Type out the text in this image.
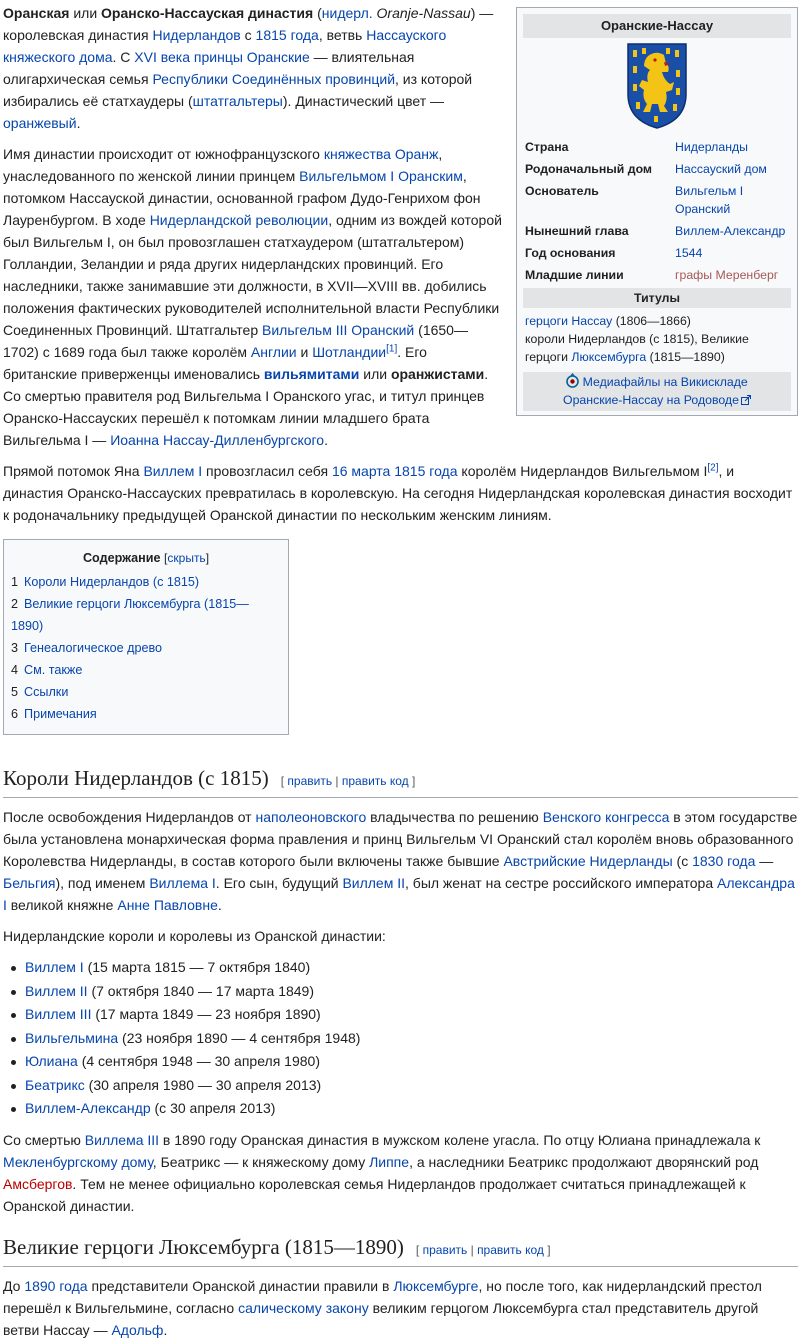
Оранские-Нассау
Страна	Нидерланды
Родоначальный дом	Нассауский дом
Основатель	Вильгельм I Оранский
Нынешний глава	Виллем-Александр
Год основания	1544
Младшие линии	графы Меренберг
Титулы
герцоги Нассау (1806—1866)
короли Нидерландов (с 1815), Великие герцоги Люксембурга (1815—1890)
Медиафайлы на Викискладе
Оранские-Нассау на Родоводе

Оранская или Оранско-Нассауская династия (нидерл. Oranje-Nassau) — королевская династия Нидерландов с 1815 года, ветвь Нассауского княжеского дома. С XVI века принцы Оранские — влиятельная олигархическая семья Республики Соединённых провинций, из которой избирались её статхаудеры (штатгальтеры). Династический цвет — оранжевый.

Имя династии происходит от южнофранцузского княжества Оранж, унаследованного по женской линии принцем Вильгельмом I Оранским, потомком Нассауской династии, основанной графом Дудо-Генрихом фон Лауренбургом. В ходе Нидерландской революции, одним из вождей которой был Вильгельм I, он был провозглашен статхаудером (штатгальтером) Голландии, Зеландии и ряда других нидерландских провинций. Его наследники, также занимавшие эти должности, в XVII—XVIII вв. добились положения фактических руководителей исполнительной власти Республики Соединенных Провинций. Штатгальтер Вильгельм III Оранский (1650—1702) с 1689 года был также королём Англии и Шотландии[1]. Его британские приверженцы именовались вильямитами или оранжистами. Со смертью правителя род Вильгельма I Оранского угас, и титул принцев Оранско-Нассауских перешёл к потомкам линии младшего брата Вильгельма I — Иоанна Нассау-Дилленбургского.

Прямой потомок Яна Виллем I провозгласил себя 16 марта 1815 года королём Нидерландов Вильгельмом I[2], и династия Оранско-Нассауских превратилась в королевскую. На сегодня Нидерландская королевская династия восходит к родоначальнику предыдущей Оранской династии по нескольким женским линиям.

Содержание [скрыть]
1 Короли Нидерландов (с 1815)
2 Великие герцоги Люксембурга (1815—1890)
3 Генеалогическое древо
4 См. также
5 Ссылки
6 Примечания
Короли Нидерландов (с 1815) [ править | править код ]

После освобождения Нидерландов от наполеоновского владычества по решению Венского конгресса в этом государстве была установлена монархическая форма правления и принц Вильгельм VI Оранский стал королём вновь образованного Королевства Нидерланды, в состав которого были включены также бывшие Австрийские Нидерланды (с 1830 года — Бельгия), под именем Виллема I. Его сын, будущий Виллем II, был женат на сестре российского императора Александра I великой княжне Анне Павловне.

Нидерландские короли и королевы из Оранской династии:

Виллем I (15 марта 1815 — 7 октября 1840)
Виллем II (7 октября 1840 — 17 марта 1849)
Виллем III (17 марта 1849 — 23 ноября 1890)
Вильгельмина (23 ноября 1890 — 4 сентября 1948)
Юлиана (4 сентября 1948 — 30 апреля 1980)
Беатрикс (30 апреля 1980 — 30 апреля 2013)
Виллем-Александр (с 30 апреля 2013)

Со смертью Виллема III в 1890 году Оранская династия в мужском колене угасла. По отцу Юлиана принадлежала к Мекленбургскому дому, Беатрикс — к княжескому дому Липпе, а наследники Беатрикс продолжают дворянский род Амсбергов. Тем не менее официально королевская семья Нидерландов продолжает считаться принадлежащей к Оранской династии.

Великие герцоги Люксембурга (1815—1890) [ править | править код ]

До 1890 года представители Оранской династии правили в Люксембурге, но после того, как нидерландский престол перешёл к Вильгельмине, согласно салическому закону великим герцогом Люксембурга стал представитель другой ветви Нассау — Адольф.
